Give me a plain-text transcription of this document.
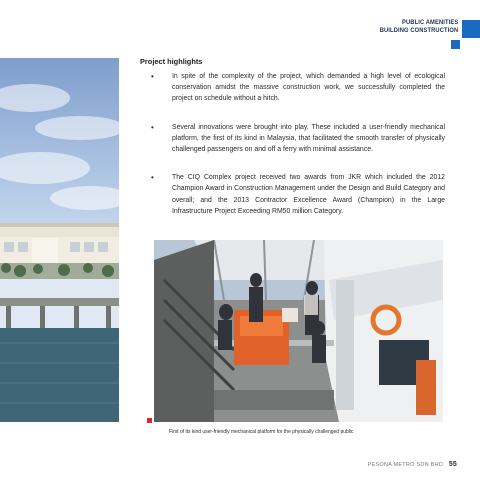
PUBLIC AMENITIES
BUILDING CONSTRUCTION
Project highlights
•	In spite of the complexity of the project, which demanded a high level of ecological conservation amidst the massive construction work, we successfully completed the project on schedule without a hitch.
•	Several innovations were brought into play. These included a user-friendly mechanical platform, the first of its kind in Malaysia, that facilitated the smooth transfer of physically challenged passengers on and off a ferry with minimal assistance.
•	The CIQ Complex project received two awards from JKR which included the 2012 Champion Award in Construction Management under the Design and Build Category and overall; and the 2013 Contractor Excellence Award (Champion) in the Large Infrastructure Project Exceeding RM50 million Category.
First of its kind user-friendly mechanical platform for the physically challenged public
PESONA METRO SDN BHD 55
